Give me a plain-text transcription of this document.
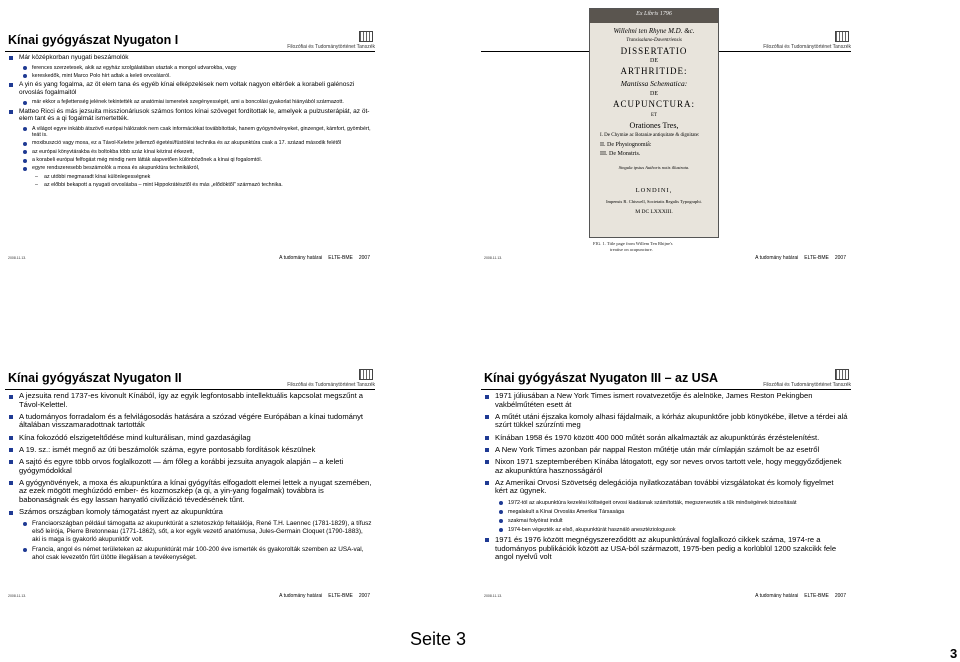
Kínai gyógyászat Nyugaton I	Filozófiai és Tudománytörténet Tanszék
Már középkorban nyugati beszámolók
ferences szerzetesek, akik az egyház szolgálatában utaztak a mongol udvarokba, vagy
kereskedők, mint Marco Polo hírt adtak a keleti orvoslásról.
A yin és yang fogalma, az öt elem tana és egyéb kínai elképzelések nem voltak nagyon eltérőek a korabeli galénoszi orvoslás fogalmaitól
már ekkor a fejlettenség jelének tekintették az anatómiai ismeretek szegényességét, ami a boncolási gyakorlat hiányából származott.
Matteo Ricci és más jezsuita misszionáriusok számos fontos kínai szöveget fordítottak le, amelyek a pulzusterápiát, az öt-elem tant és a qi fogalmát ismertették.
A világot egyre inkább átszövő európai hálózatok nem csak információkat továbbítottak, hanem gyógynövényeket, ginzenget, kámfort, gyömbért, teát is.
moxibuszció vagy moxa, ez a Távol-Keletre jellemző égetési/füstölési technika és az akupunktúra csak a 17. század második felétől
az európai könyvtárakba és boltokba több száz kínai kézirat érkezett,
a korabeli európai felfogást még mindig nem látták alapvetően különbözőnek a kínai qi fogalomtól.
egyre rendszeresebb beszámolók a moxa és akupunktúra technikákról,
– az utóbbi megmaradt kínai különlegességnek
– az előbbi bekapott a nyugati orvoslásba – mint Hippokrátésztől és más „elődöktől” származó technika.
2008.11.13.	A tudomány határai ELTE-BME 2007
Filozófiai és Tudománytörténet Tanszék
Ex Libris 1796
Willelmi ten Rhyne M.D. &c.
Transisalano-Daventriensis
DISSERTATIO
DE
ARTHRITIDE:
Mantissa Schematica:
DE
ACUPUNCTURA:
ET
Orationes Tres,
I. De Chymiæ ac Botaniæ antiquitate & dignitate:
II. De Physiognomiâ:
III. De Monstris.
Singula ipsius Authoris notis illustrata.
LONDINI,
Impensis R. Chiswell, Societatis Regalis Typographi.
M DC LXXXIII.
FIG. 1. Title page from Willem Ten Rhijne's
treatise on acupuncture.
2008.11.13.	A tudomány határai ELTE-BME 2007
Kínai gyógyászat Nyugaton II	Filozófiai és Tudománytörténet Tanszék
A jezsuita rend 1737-es kivonult Kínából, így az egyik legfontosabb intellektuális kapcsolat megszűnt a Távol-Kelettel.
A tudományos forradalom és a felvilágosodás hatására a szózad végére Európában a kínai tudományt általában visszamaradottnak tartották
Kína fokozódó elszigeteltődése mind kulturálisan, mind gazdaságilag
A 19. sz.: ismét megnő az úti beszámolók száma, egyre pontosabb fordítások készülnek
A sajtó és egyre több orvos foglalkozott — ám főleg a korábbi jezsuita anyagok alapján – a keleti gyógymódokkal
A gyógynövények, a moxa és akupunktúra a kínai gyógyítás elfogadott elemei lettek a nyugat szemében, az ezek mögött meghúzódó ember- és kozmoszkép (a qi, a yin-yang fogalmak) továbbra is babonaságnak és egy lassan hanyatló civilizáció tévedésének tűnt.
Számos országban komoly támogatást nyert az akupunktúra
Franciaországban például támogatta az akupunktúrát a sztetoszkóp feltalálója, René T.H. Laennec (1781-1829), a tífusz első leírója, Pierre Bretonneau (1771-1862), sőt, a kor egyik vezető anatómusa, Jules-Germain Cloquet (1790-1883), aki is maga is gyakorló akupunktőr volt.
Francia, angol és német területeken az akupunktúrát már 100-200 éve ismerték és gyakorolták szemben az USA-val, ahol csak levezetőn fűrt ütötte illegálisan a tevékenységet.
2008.11.13.	A tudomány határai ELTE-BME 2007
Kínai gyógyászat Nyugaton III – az USA	Filozófiai és Tudománytörténet Tanszék
1971 júliusában a New York Times ismert rovatvezetője és alelnöke, James Reston Pekingben vakbélműtéten esett át
A műtét utáni éjszaka komoly alhasi fájdalmaik, a kórház akupunktőre jobb könyökébe, illetve a térdei alá szúrt tükkel szúrzínti meg
Kínában 1958 és 1970 között 400 000 műtét során alkalmazták az akupunktúrás érzéstelenítést.
A New York Times azonban pár nappal Reston műtétje után már címlapján számolt be az esetről
Nixon 1971 szeptemberében Kínába látogatott, egy sor neves orvos tartott vele, hogy meggyőződjenek az akupunktúra hasznosságáról
Az Amerikai Orvosi Szövetség delegációja nyilatkozatában további vizsgálatokat és komoly figyelmet kért az ügynek.
1972-tól az akupunktúra kezelési költségeit orvosi kiadásnak számították, megszervezték a tűk minőségének biztosítását
megalakult a Kínai Orvoslás Amerikai Társasága
szakmai folyóirat indult
1974-ben végezték az első, akupunktúrát használó anesztéziologusok
1971 és 1976 között megnégyszereződött az akupunktúrával foglalkozó cikkek száma, 1974-re a tudományos publikációk között az USA-ból származott, 1975-ben pedig a korlüblül 1200 szakcikk fele angol nyelvű volt
2008.11.13.	A tudomány határai ELTE-BME 2007
Seite 3
3
